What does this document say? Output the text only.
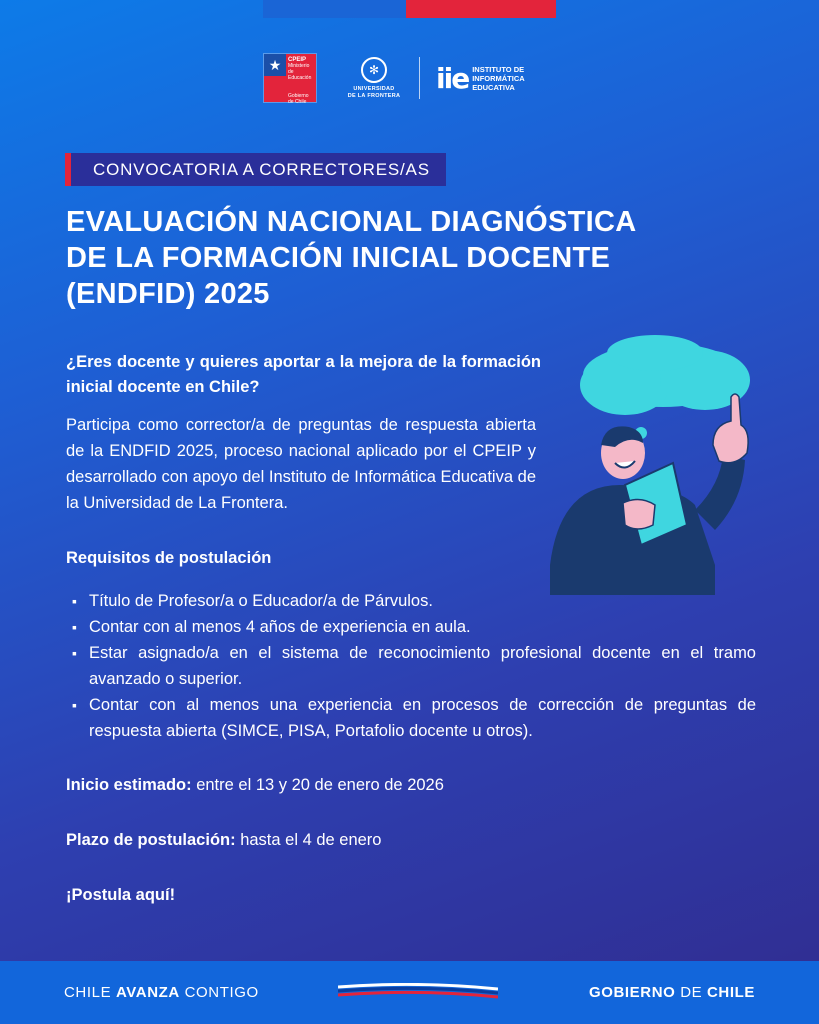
★	CPEIP
Ministerio de Educación
Gobierno de Chile
✻
UNIVERSIDAD
DE LA FRONTERA
iie INSTITUTO DE
INFORMÁTICA
EDUCATIVA
CONVOCATORIA A CORRECTORES/AS
EVALUACIÓN NACIONAL DIAGNÓSTICA
DE LA FORMACIÓN INICIAL DOCENTE
(ENDFID) 2025
¿Eres docente y quieres aportar a la mejora de la formación inicial docente en Chile?
Participa como corrector/a de preguntas de respuesta abierta de la ENDFID 2025, proceso nacional aplicado por el CPEIP y desarrollado con apoyo del Instituto de Informática Educativa de la Universidad de La Frontera.
Requisitos de postulación
▪ Título de Profesor/a o Educador/a de Párvulos.
▪ Contar con al menos 4 años de experiencia en aula.
▪ Estar asignado/a en el sistema de reconocimiento profesional docente en el tramo avanzado o superior.
▪ Contar con al menos una experiencia en procesos de corrección de preguntas de respuesta abierta (SIMCE, PISA, Portafolio docente u otros).
Inicio estimado: entre el 13 y 20 de enero de 2026
Plazo de postulación: hasta el 4 de enero
¡Postula aquí!
CHILE AVANZA CONTIGO	GOBIERNO DE CHILE
